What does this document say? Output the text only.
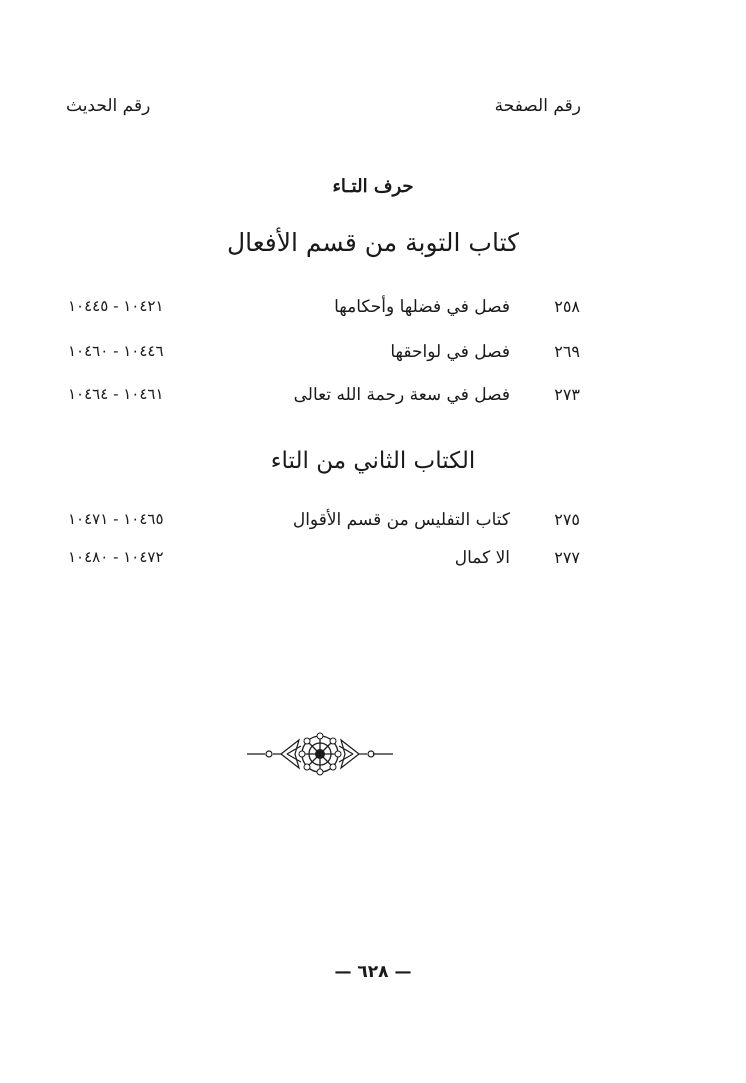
رقم الصفحة
رقم الحديث
حرف التـاء
كتاب التوبة من قسم الأفعال
٢٥٨
فصل في فضلها وأحكامها
١٠٤٢١ - ١٠٤٤٥
٢٦٩
فصل في لواحقها
١٠٤٤٦ - ١٠٤٦٠
٢٧٣
فصل في سعة رحمة الله تعالى
١٠٤٦١ - ١٠٤٦٤
الكتاب الثاني من التاء
٢٧٥
كتاب التفليس من قسم الأقوال
١٠٤٦٥ - ١٠٤٧١
٢٧٧
الا كمال
١٠٤٧٢ - ١٠٤٨٠
— ٦٢٨ —
